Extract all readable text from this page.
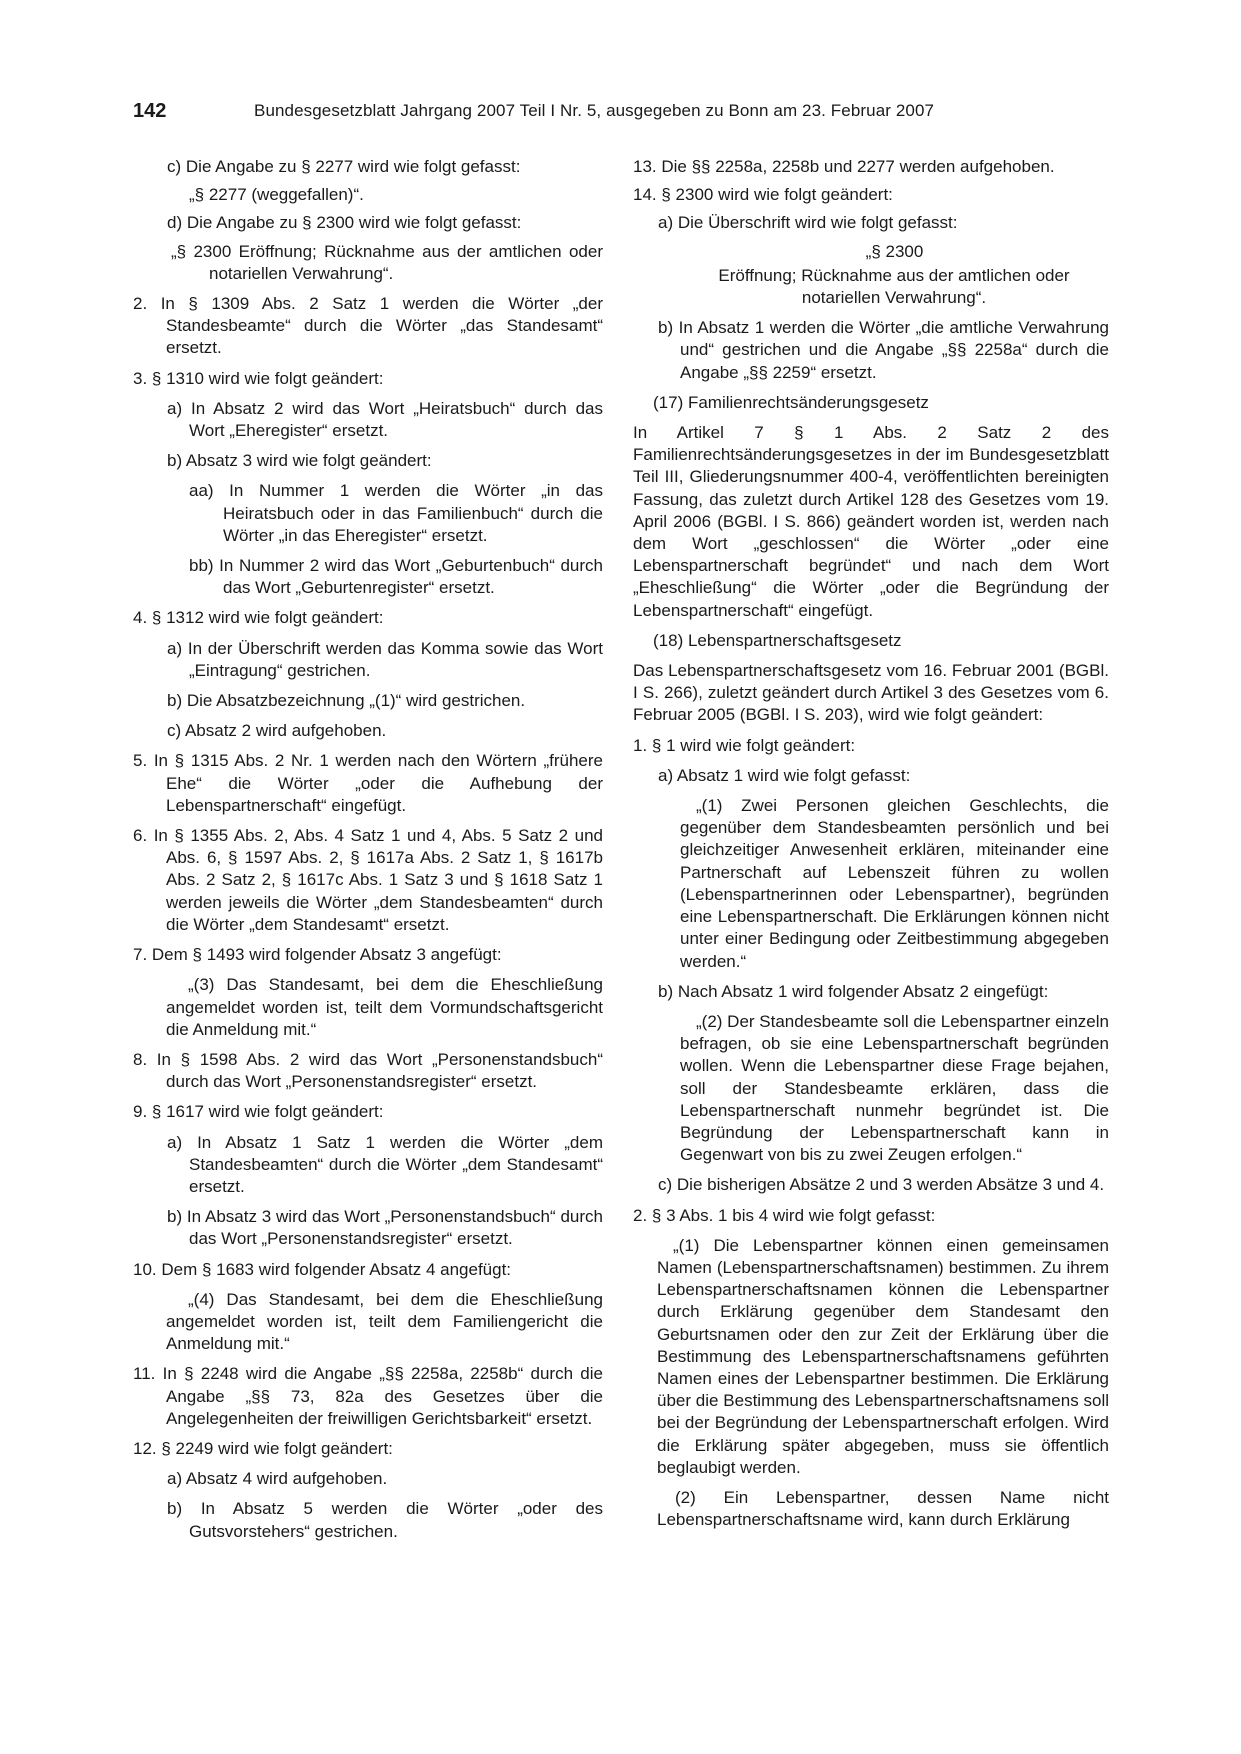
142	Bundesgesetzblatt Jahrgang 2007 Teil I Nr. 5, ausgegeben zu Bonn am 23. Februar 2007

c) Die Angabe zu § 2277 wird wie folgt gefasst:

„§ 2277 (weggefallen)“.

d) Die Angabe zu § 2300 wird wie folgt gefasst:

„§ 2300 Eröffnung; Rücknahme aus der amtlichen oder notariellen Verwahrung“.

2. In § 1309 Abs. 2 Satz 1 werden die Wörter „der Standesbeamte“ durch die Wörter „das Standesamt“ ersetzt.

3. § 1310 wird wie folgt geändert:

a) In Absatz 2 wird das Wort „Heiratsbuch“ durch das Wort „Eheregister“ ersetzt.

b) Absatz 3 wird wie folgt geändert:

aa) In Nummer 1 werden die Wörter „in das Heiratsbuch oder in das Familienbuch“ durch die Wörter „in das Eheregister“ ersetzt.

bb) In Nummer 2 wird das Wort „Geburtenbuch“ durch das Wort „Geburtenregister“ ersetzt.

4. § 1312 wird wie folgt geändert:

a) In der Überschrift werden das Komma sowie das Wort „Eintragung“ gestrichen.

b) Die Absatzbezeichnung „(1)“ wird gestrichen.

c) Absatz 2 wird aufgehoben.

5. In § 1315 Abs. 2 Nr. 1 werden nach den Wörtern „frühere Ehe“ die Wörter „oder die Aufhebung der Lebenspartnerschaft“ eingefügt.

6. In § 1355 Abs. 2, Abs. 4 Satz 1 und 4, Abs. 5 Satz 2 und Abs. 6, § 1597 Abs. 2, § 1617a Abs. 2 Satz 1, § 1617b Abs. 2 Satz 2, § 1617c Abs. 1 Satz 3 und § 1618 Satz 1 werden jeweils die Wörter „dem Standesbeamten“ durch die Wörter „dem Standesamt“ ersetzt.

7. Dem § 1493 wird folgender Absatz 3 angefügt:

„(3) Das Standesamt, bei dem die Eheschließung angemeldet worden ist, teilt dem Vormundschaftsgericht die Anmeldung mit.“

8. In § 1598 Abs. 2 wird das Wort „Personenstandsbuch“ durch das Wort „Personenstandsregister“ ersetzt.

9. § 1617 wird wie folgt geändert:

a) In Absatz 1 Satz 1 werden die Wörter „dem Standesbeamten“ durch die Wörter „dem Standesamt“ ersetzt.

b) In Absatz 3 wird das Wort „Personenstandsbuch“ durch das Wort „Personenstandsregister“ ersetzt.

10. Dem § 1683 wird folgender Absatz 4 angefügt:

„(4) Das Standesamt, bei dem die Eheschließung angemeldet worden ist, teilt dem Familiengericht die Anmeldung mit.“

11. In § 2248 wird die Angabe „§§ 2258a, 2258b“ durch die Angabe „§§ 73, 82a des Gesetzes über die Angelegenheiten der freiwilligen Gerichtsbarkeit“ ersetzt.

12. § 2249 wird wie folgt geändert:

a) Absatz 4 wird aufgehoben.

b) In Absatz 5 werden die Wörter „oder des Gutsvorstehers“ gestrichen.

13. Die §§ 2258a, 2258b und 2277 werden aufgehoben.

14. § 2300 wird wie folgt geändert:

a) Die Überschrift wird wie folgt gefasst:

„§ 2300

Eröffnung; Rücknahme aus der amtlichen oder notariellen Verwahrung“.

b) In Absatz 1 werden die Wörter „die amtliche Verwahrung und“ gestrichen und die Angabe „§§ 2258a“ durch die Angabe „§§ 2259“ ersetzt.

(17) Familienrechtsänderungsgesetz

In Artikel 7 § 1 Abs. 2 Satz 2 des Familienrechtsänderungsgesetzes in der im Bundesgesetzblatt Teil III, Gliederungsnummer 400-4, veröffentlichten bereinigten Fassung, das zuletzt durch Artikel 128 des Gesetzes vom 19. April 2006 (BGBl. I S. 866) geändert worden ist, werden nach dem Wort „geschlossen“ die Wörter „oder eine Lebenspartnerschaft begründet“ und nach dem Wort „Eheschließung“ die Wörter „oder die Begründung der Lebenspartnerschaft“ eingefügt.

(18) Lebenspartnerschaftsgesetz

Das Lebenspartnerschaftsgesetz vom 16. Februar 2001 (BGBl. I S. 266), zuletzt geändert durch Artikel 3 des Gesetzes vom 6. Februar 2005 (BGBl. I S. 203), wird wie folgt geändert:

1. § 1 wird wie folgt geändert:

a) Absatz 1 wird wie folgt gefasst:

„(1) Zwei Personen gleichen Geschlechts, die gegenüber dem Standesbeamten persönlich und bei gleichzeitiger Anwesenheit erklären, miteinander eine Partnerschaft auf Lebenszeit führen zu wollen (Lebenspartnerinnen oder Lebenspartner), begründen eine Lebenspartnerschaft. Die Erklärungen können nicht unter einer Bedingung oder Zeitbestimmung abgegeben werden.“

b) Nach Absatz 1 wird folgender Absatz 2 eingefügt:

„(2) Der Standesbeamte soll die Lebenspartner einzeln befragen, ob sie eine Lebenspartnerschaft begründen wollen. Wenn die Lebenspartner diese Frage bejahen, soll der Standesbeamte erklären, dass die Lebenspartnerschaft nunmehr begründet ist. Die Begründung der Lebenspartnerschaft kann in Gegenwart von bis zu zwei Zeugen erfolgen.“

c) Die bisherigen Absätze 2 und 3 werden Absätze 3 und 4.

2. § 3 Abs. 1 bis 4 wird wie folgt gefasst:

„(1) Die Lebenspartner können einen gemeinsamen Namen (Lebenspartnerschaftsnamen) bestimmen. Zu ihrem Lebenspartnerschaftsnamen können die Lebenspartner durch Erklärung gegenüber dem Standesamt den Geburtsnamen oder den zur Zeit der Erklärung über die Bestimmung des Lebenspartnerschaftsnamens geführten Namen eines der Lebenspartner bestimmen. Die Erklärung über die Bestimmung des Lebenspartnerschaftsnamens soll bei der Begründung der Lebenspartnerschaft erfolgen. Wird die Erklärung später abgegeben, muss sie öffentlich beglaubigt werden.

(2) Ein Lebenspartner, dessen Name nicht Lebenspartnerschaftsname wird, kann durch Erklärung
